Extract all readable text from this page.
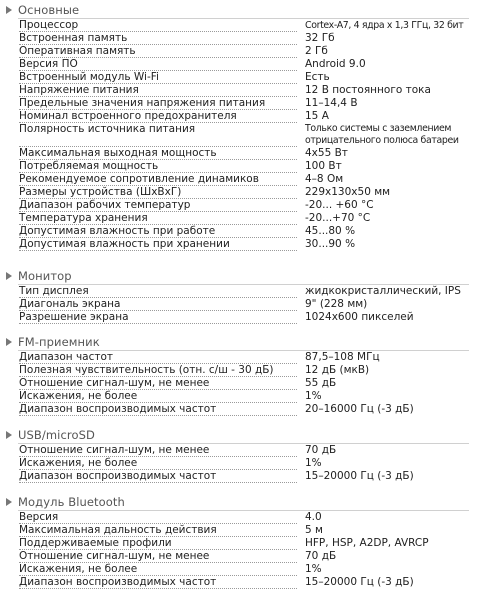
Основные
Процессор	Cortex-A7, 4 ядра x 1,3 ГГц, 32 бит
Встроенная память	32 Гб
Оперативная память	2 Гб
Версия ПО	Android 9.0
Встроенный модуль Wi-Fi	Есть
Напряжение питания	12 В постоянного тока
Предельные значения напряжения питания	11–14,4 В
Номинал встроенного предохранителя	15 А
Полярность источника питания	Только системы с заземлением отрицательного полюса батареи
Максимальная выходная мощность	4x55 Вт
Потребляемая мощность	100 Вт
Рекомендуемое сопротивление динамиков	4–8 Ом
Размеры устройства (ШxВxГ)	229x130x50 мм
Диапазон рабочих температур	-20... +60 °C
Температура хранения	-20...+70 °C
Допустимая влажность при работе	45...80 %
Допустимая влажность при хранении	30...90 %
Монитор
Тип дисплея	жидкокристаллический, IPS
Диагональ экрана	9" (228 мм)
Разрешение экрана	1024x600 пикселей
FM-приемник
Диапазон частот	87,5–108 МГц
Полезная чувствительность (отн. с/ш - 30 дБ)	12 дБ (мкВ)
Отношение сигнал-шум, не менее	55 дБ
Искажения, не более	1%
Диапазон воспроизводимых частот	20–16000 Гц (-3 дБ)
USB/microSD
Отношение сигнал-шум, не менее	70 дБ
Искажения, не более	1%
Диапазон воспроизводимых частот	15–20000 Гц (-3 дБ)
Модуль Bluetooth
Версия	4.0
Максимальная дальность действия	5 м
Поддерживаемые профили	HFP, HSP, A2DP, AVRCP
Отношение сигнал-шум, не менее	70 дБ
Искажения, не более	1%
Диапазон воспроизводимых частот	15–20000 Гц (-3 дБ)
